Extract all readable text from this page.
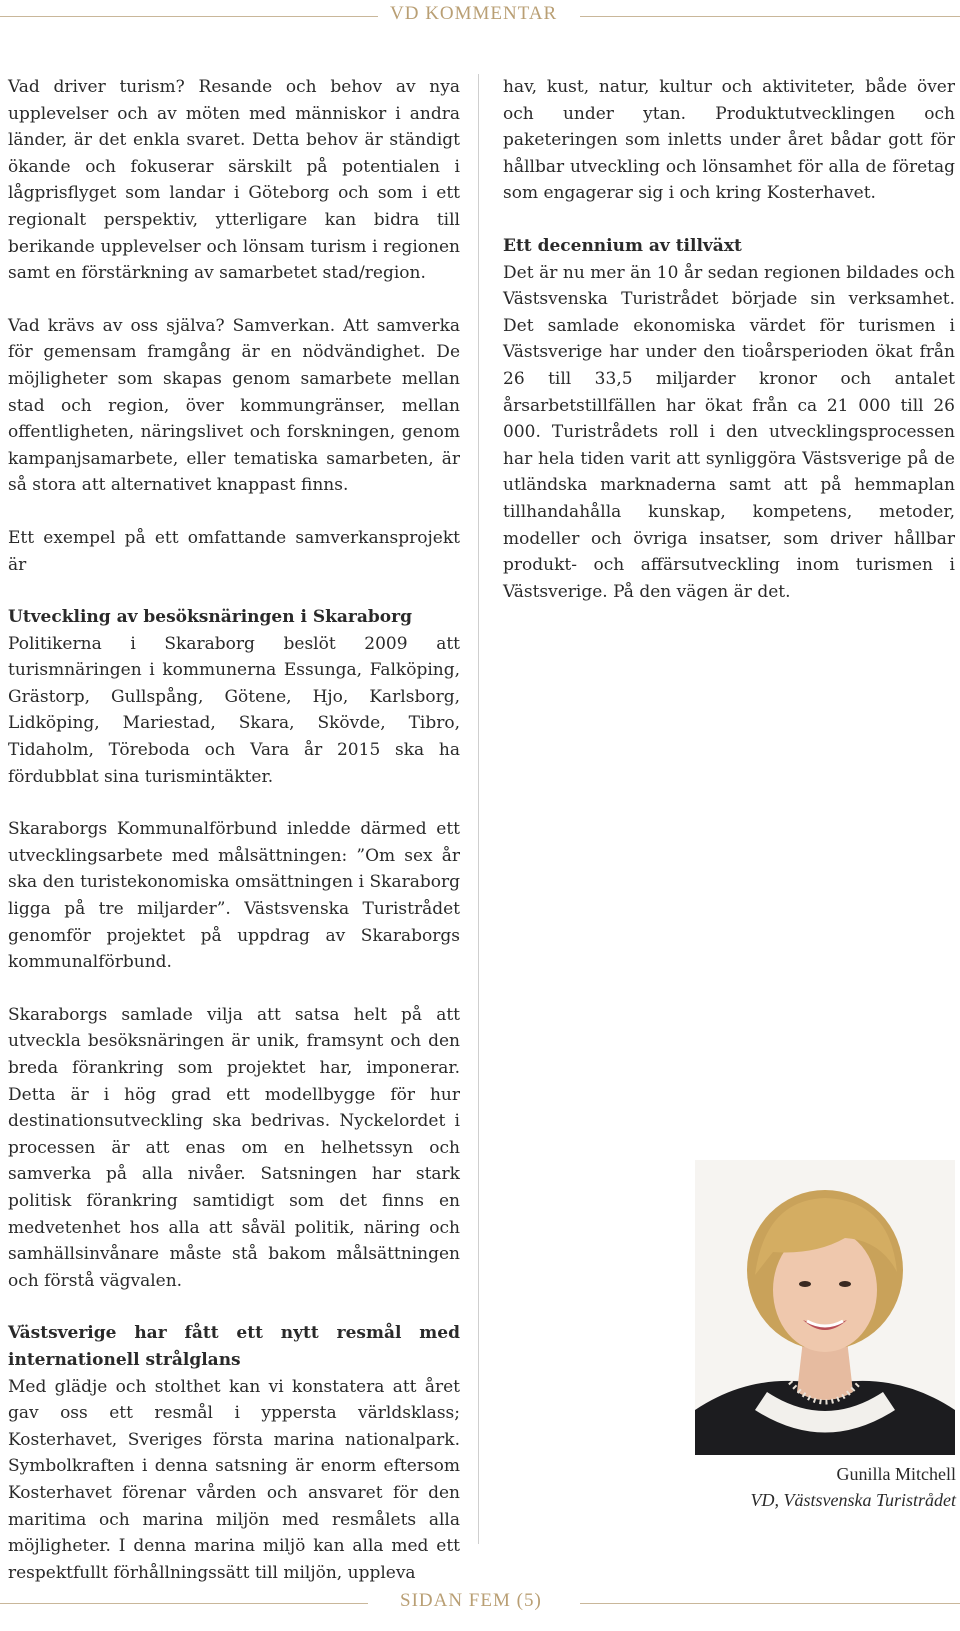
VD KOMMENTAR

Vad driver turism? Resande och behov av nya upplevelser och av möten med människor i andra länder, är det enkla svaret. Detta behov är ständigt ökande och fokuserar särskilt på potentialen i lågprisflyget som landar i Göteborg och som i ett regionalt perspektiv, ytterligare kan bidra till berikande upplevelser och lönsam turism i regionen samt en förstärkning av samarbetet stad/region.

Vad krävs av oss själva? Samverkan. Att samverka för gemensam framgång är en nödvändighet. De möjligheter som skapas genom samarbete mellan stad och region, över kommungränser, mellan offentligheten, näringslivet och forskningen, genom kampanjsamarbete, eller tematiska samarbeten, är så stora att alternativet knappast finns.

Ett exempel på ett omfattande samverkansprojekt är

Utveckling av besöksnäringen i Skaraborg

Politikerna i Skaraborg beslöt 2009 att turismnäringen i kommunerna Essunga, Falköping, Grästorp, Gullspång, Götene, Hjo, Karlsborg, Lidköping, Mariestad, Skara, Skövde, Tibro, Tidaholm, Töreboda och Vara år 2015 ska ha fördubblat sina turismintäkter.

Skaraborgs Kommunalförbund inledde därmed ett utvecklingsarbete med målsättningen: ”Om sex år ska den turistekonomiska omsättningen i Skaraborg ligga på tre miljarder”. Västsvenska Turistrådet genomför projektet på uppdrag av Skaraborgs kommunalförbund.

Skaraborgs samlade vilja att satsa helt på att utveckla besöksnäringen är unik, framsynt och den breda förankring som projektet har, imponerar. Detta är i hög grad ett modellbygge för hur destinationsutveckling ska bedrivas. Nyckelordet i processen är att enas om en helhetssyn och samverka på alla nivåer. Satsningen har stark politisk förankring samtidigt som det finns en medvetenhet hos alla att såväl politik, näring och samhällsinvånare måste stå bakom målsättningen och förstå vägvalen.

Västsverige har fått ett nytt resmål med internationell strålglans

Med glädje och stolthet kan vi konstatera att året gav oss ett resmål i yppersta världsklass; Kosterhavet, Sveriges första marina nationalpark. Symbolkraften i denna satsning är enorm eftersom Kosterhavet förenar vården och ansvaret för den maritima och marina miljön med resmålets alla möjligheter. I denna marina miljö kan alla med ett respektfullt förhållningssätt till miljön, uppleva

hav, kust, natur, kultur och aktiviteter, både över och under ytan. Produktutvecklingen och paketeringen som inletts under året bådar gott för hållbar utveckling och lönsamhet för alla de företag som engagerar sig i och kring Kosterhavet.

Ett decennium av tillväxt

Det är nu mer än 10 år sedan regionen bildades och Västsvenska Turistrådet började sin verksamhet. Det samlade ekonomiska värdet för turismen i Västsverige har under den tioårsperioden ökat från 26 till 33,5 miljarder kronor och antalet årsarbetstillfällen har ökat från ca 21 000 till 26 000. Turistrådets roll i den utvecklingsprocessen har hela tiden varit att synliggöra Västsverige på de utländska marknaderna samt att på hemmaplan tillhandahålla kunskap, kompetens, metoder, modeller och övriga insatser, som driver hållbar produkt- och affärsutveckling inom turismen i Västsverige. På den vägen är det.

Gunilla Mitchell
VD, Västsvenska Turistrådet
SIDAN FEM (5)
